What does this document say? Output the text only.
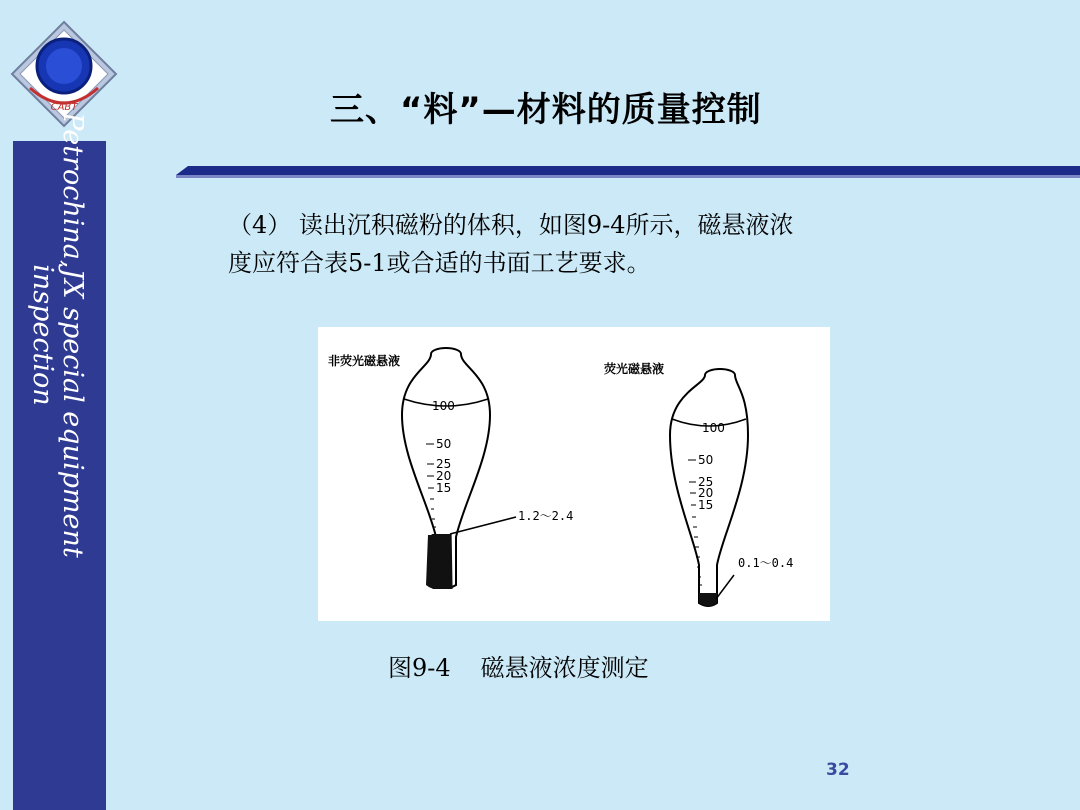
CABT
Petrochina,JX special equipment
inspection
三、“料”—材料的质量控制
（4） 读出沉积磁粉的体积，如图9-4所示，磁悬液浓
度应符合表5-1或合适的书面工艺要求。
非荧光磁悬液
100
50
25
20
15
1.2～2.4
荧光磁悬液
100
50
25
20
15
0.1～0.4
图9-4 磁悬液浓度测定
32
